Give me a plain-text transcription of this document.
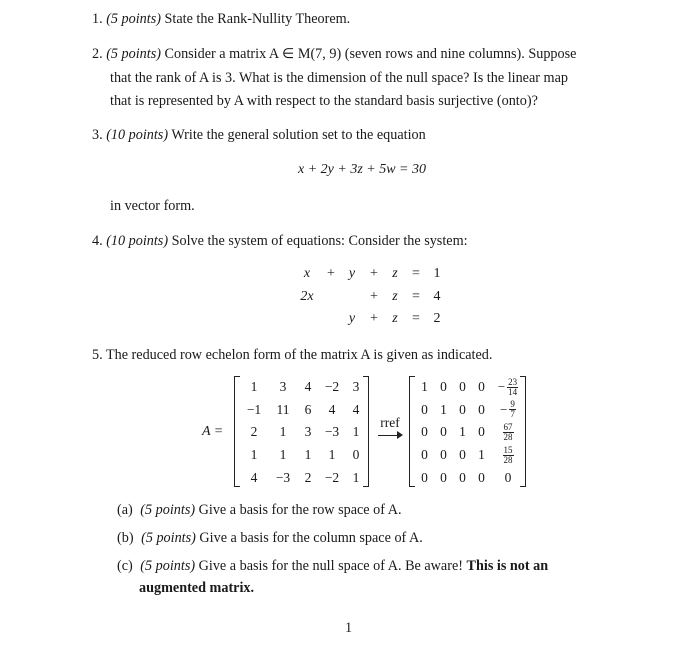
1. (5 points) State the Rank-Nullity Theorem.
2. (5 points) Consider a matrix A ∈ M(7, 9) (seven rows and nine columns). Suppose
that the rank of A is 3. What is the dimension of the null space? Is the linear map
that is represented by A with respect to the standard basis surjective (onto)?
3. (10 points) Write the general solution set to the equation
x + 2y + 3z + 5w = 30
in vector form.
4. (10 points) Solve the system of equations: Consider the system:
x	+	y	+	z	=	1
2x			+	z	=	4
		y	+	z	=	2
5. The reduced row echelon form of the matrix A is given as indicated.
A =
1	3	4	−2	3
−1	11	6	4	4
2	1	3	−3	1
1	1	1	1	0
4	−3	2	−2	1
rref
1	0	0	0	− $\frac{23}{14}$

0	1	0	0	− $\frac{9}{7}$

0	0	1	0	$\frac{67}{28}$

0	0	0	1	$\frac{15}{28}$

0	0	0	0	0
(a) (5 points) Give a basis for the row space of A.
(b) (5 points) Give a basis for the column space of A.
(c) (5 points) Give a basis for the null space of A. Be aware! This is not an
augmented matrix.
1
